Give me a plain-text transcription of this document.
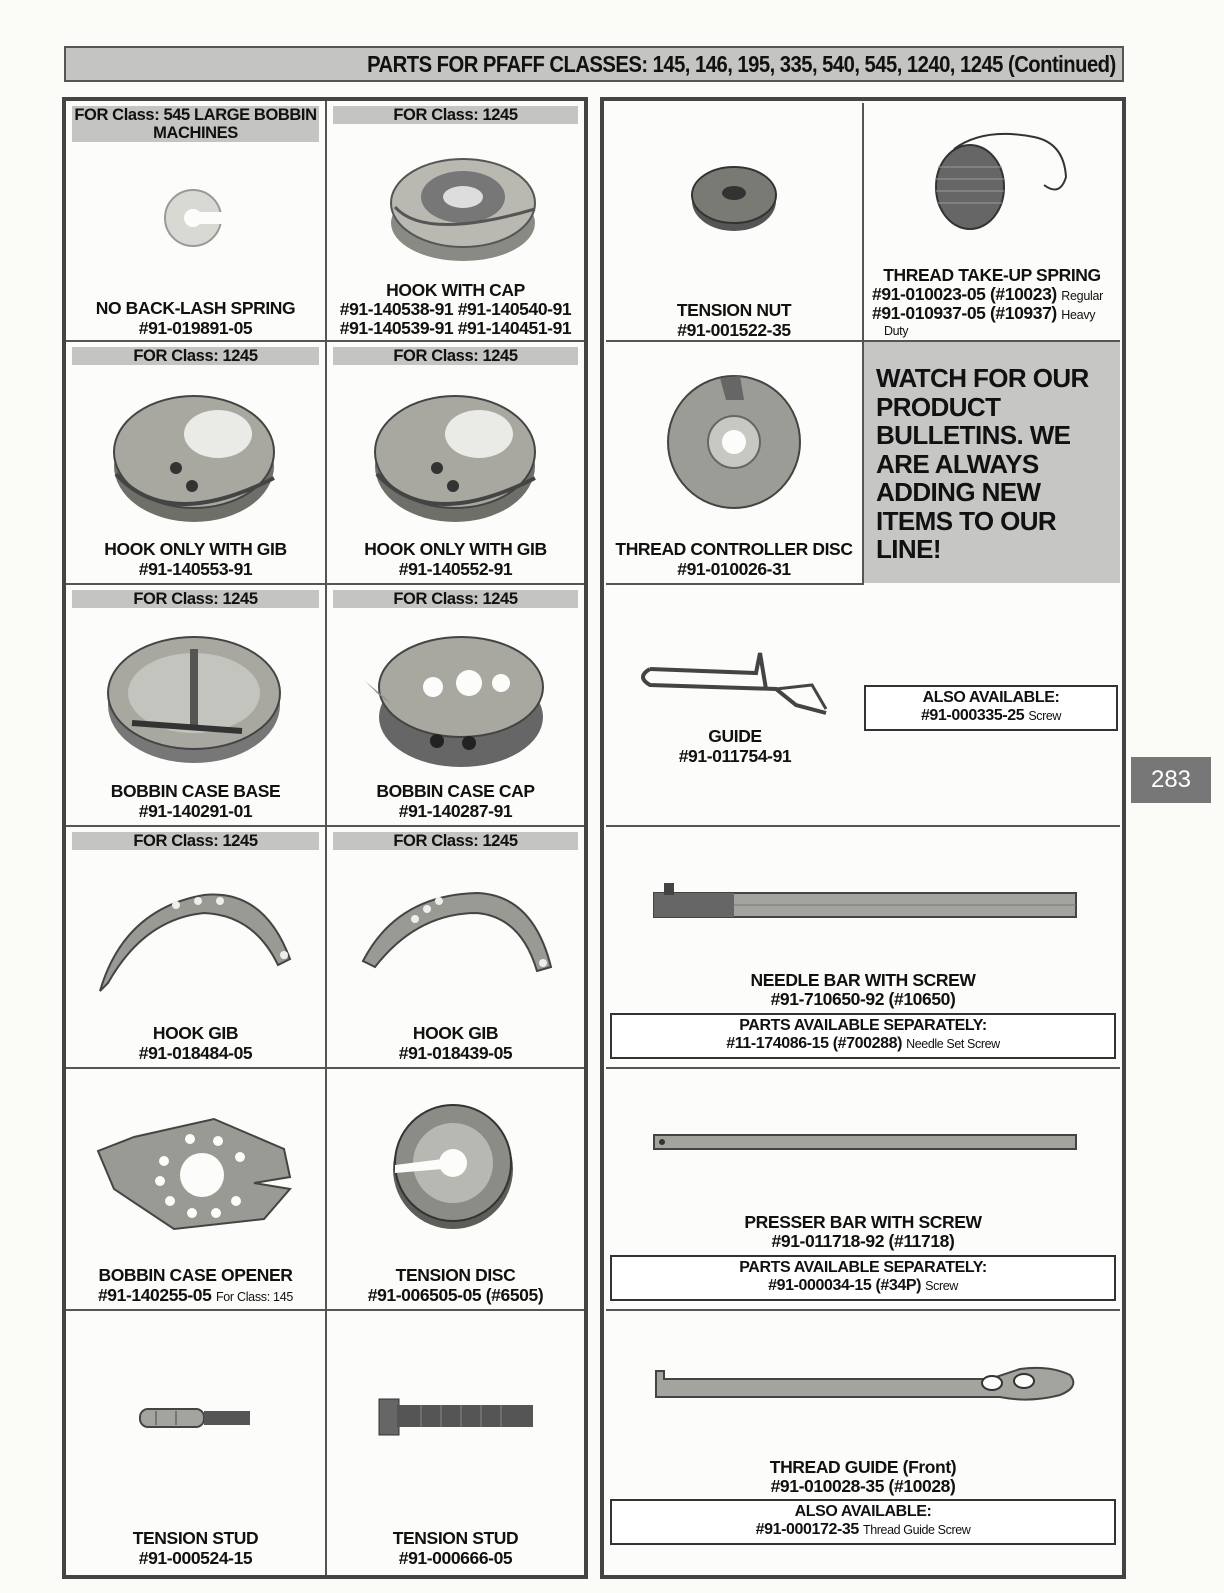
PARTS FOR PFAFF CLASSES: 145, 146, 195, 335, 540, 545, 1240, 1245 (Continued)
283
FOR Class: 545 LARGE BOBBIN MACHINES
NO BACK-LASH SPRING
#91-019891-05
FOR Class: 1245
HOOK WITH CAP
#91-140538-91 #91-140540-91
#91-140539-91 #91-140451-91
FOR Class: 1245
HOOK ONLY WITH GIB
#91-140553-91
FOR Class: 1245
HOOK ONLY WITH GIB
#91-140552-91
FOR Class: 1245
BOBBIN CASE BASE
#91-140291-01
FOR Class: 1245
BOBBIN CASE CAP
#91-140287-91
FOR Class: 1245
HOOK GIB
#91-018484-05
FOR Class: 1245
HOOK GIB
#91-018439-05
BOBBIN CASE OPENER
#91-140255-05 For Class: 145
TENSION DISC
#91-006505-05 (#6505)
TENSION STUD
#91-000524-15
TENSION STUD
#91-000666-05
TENSION NUT
#91-001522-35
THREAD TAKE-UP SPRING
#91-010023-05 (#10023) Regular
#91-010937-05 (#10937) Heavy
Duty
THREAD CONTROLLER DISC
#91-010026-31
WATCH FOR OUR
PRODUCT
BULLETINS. WE
ARE ALWAYS
ADDING NEW
ITEMS TO OUR
LINE!
GUIDE
#91-011754-91
ALSO AVAILABLE:
#91-000335-25 Screw
NEEDLE BAR WITH SCREW
#91-710650-92 (#10650)
PARTS AVAILABLE SEPARATELY:
#11-174086-15 (#700288) Needle Set Screw
PRESSER BAR WITH SCREW
#91-011718-92 (#11718)
PARTS AVAILABLE SEPARATELY:
#91-000034-15 (#34P) Screw
THREAD GUIDE (Front)
#91-010028-35 (#10028)
ALSO AVAILABLE:
#91-000172-35 Thread Guide Screw
